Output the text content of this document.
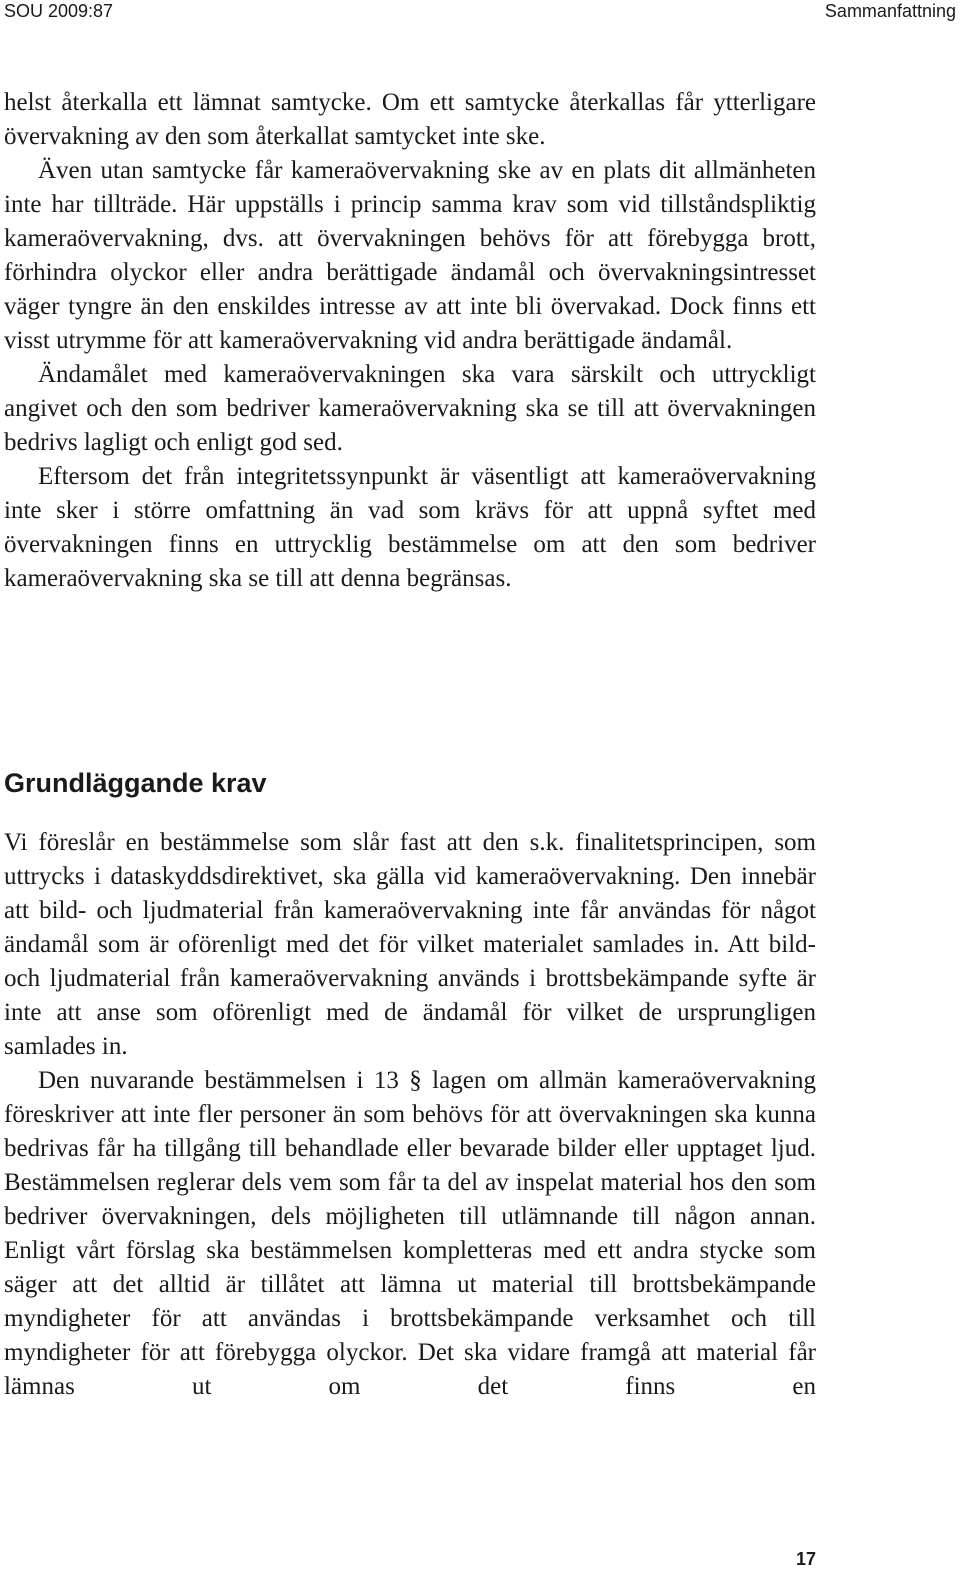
SOU 2009:87	Sammanfattning

helst återkalla ett lämnat samtycke. Om ett samtycke återkallas får ytterligare övervakning av den som återkallat samtycket inte ske.

Även utan samtycke får kameraövervakning ske av en plats dit allmänheten inte har tillträde. Här uppställs i princip samma krav som vid tillståndspliktig kameraövervakning, dvs. att övervakningen behövs för att förebygga brott, förhindra olyckor eller andra berättigade ändamål och övervakningsintresset väger tyngre än den enskildes intresse av att inte bli övervakad. Dock finns ett visst utrymme för att kameraövervakning vid andra berättigade ändamål.

Ändamålet med kameraövervakningen ska vara särskilt och uttryckligt angivet och den som bedriver kameraövervakning ska se till att övervakningen bedrivs lagligt och enligt god sed.

Eftersom det från integritetssynpunkt är väsentligt att kameraövervakning inte sker i större omfattning än vad som krävs för att uppnå syftet med övervakningen finns en uttrycklig bestämmelse om att den som bedriver kameraövervakning ska se till att denna begränsas.

Grundläggande krav

Vi föreslår en bestämmelse som slår fast att den s.k. finalitetsprincipen, som uttrycks i dataskyddsdirektivet, ska gälla vid kameraövervakning. Den innebär att bild- och ljudmaterial från kameraövervakning inte får användas för något ändamål som är oförenligt med det för vilket materialet samlades in. Att bild- och ljudmaterial från kameraövervakning används i brottsbekämpande syfte är inte att anse som oförenligt med de ändamål för vilket de ursprungligen samlades in.

Den nuvarande bestämmelsen i 13 § lagen om allmän kameraövervakning föreskriver att inte fler personer än som behövs för att övervakningen ska kunna bedrivas får ha tillgång till behandlade eller bevarade bilder eller upptaget ljud. Bestämmelsen reglerar dels vem som får ta del av inspelat material hos den som bedriver övervakningen, dels möjligheten till utlämnande till någon annan. Enligt vårt förslag ska bestämmelsen kompletteras med ett andra stycke som säger att det alltid är tillåtet att lämna ut material till brottsbekämpande myndigheter för att användas i brottsbekämpande verksamhet och till myndigheter för att förebygga olyckor. Det ska vidare framgå att material får lämnas ut om det finns en

17
